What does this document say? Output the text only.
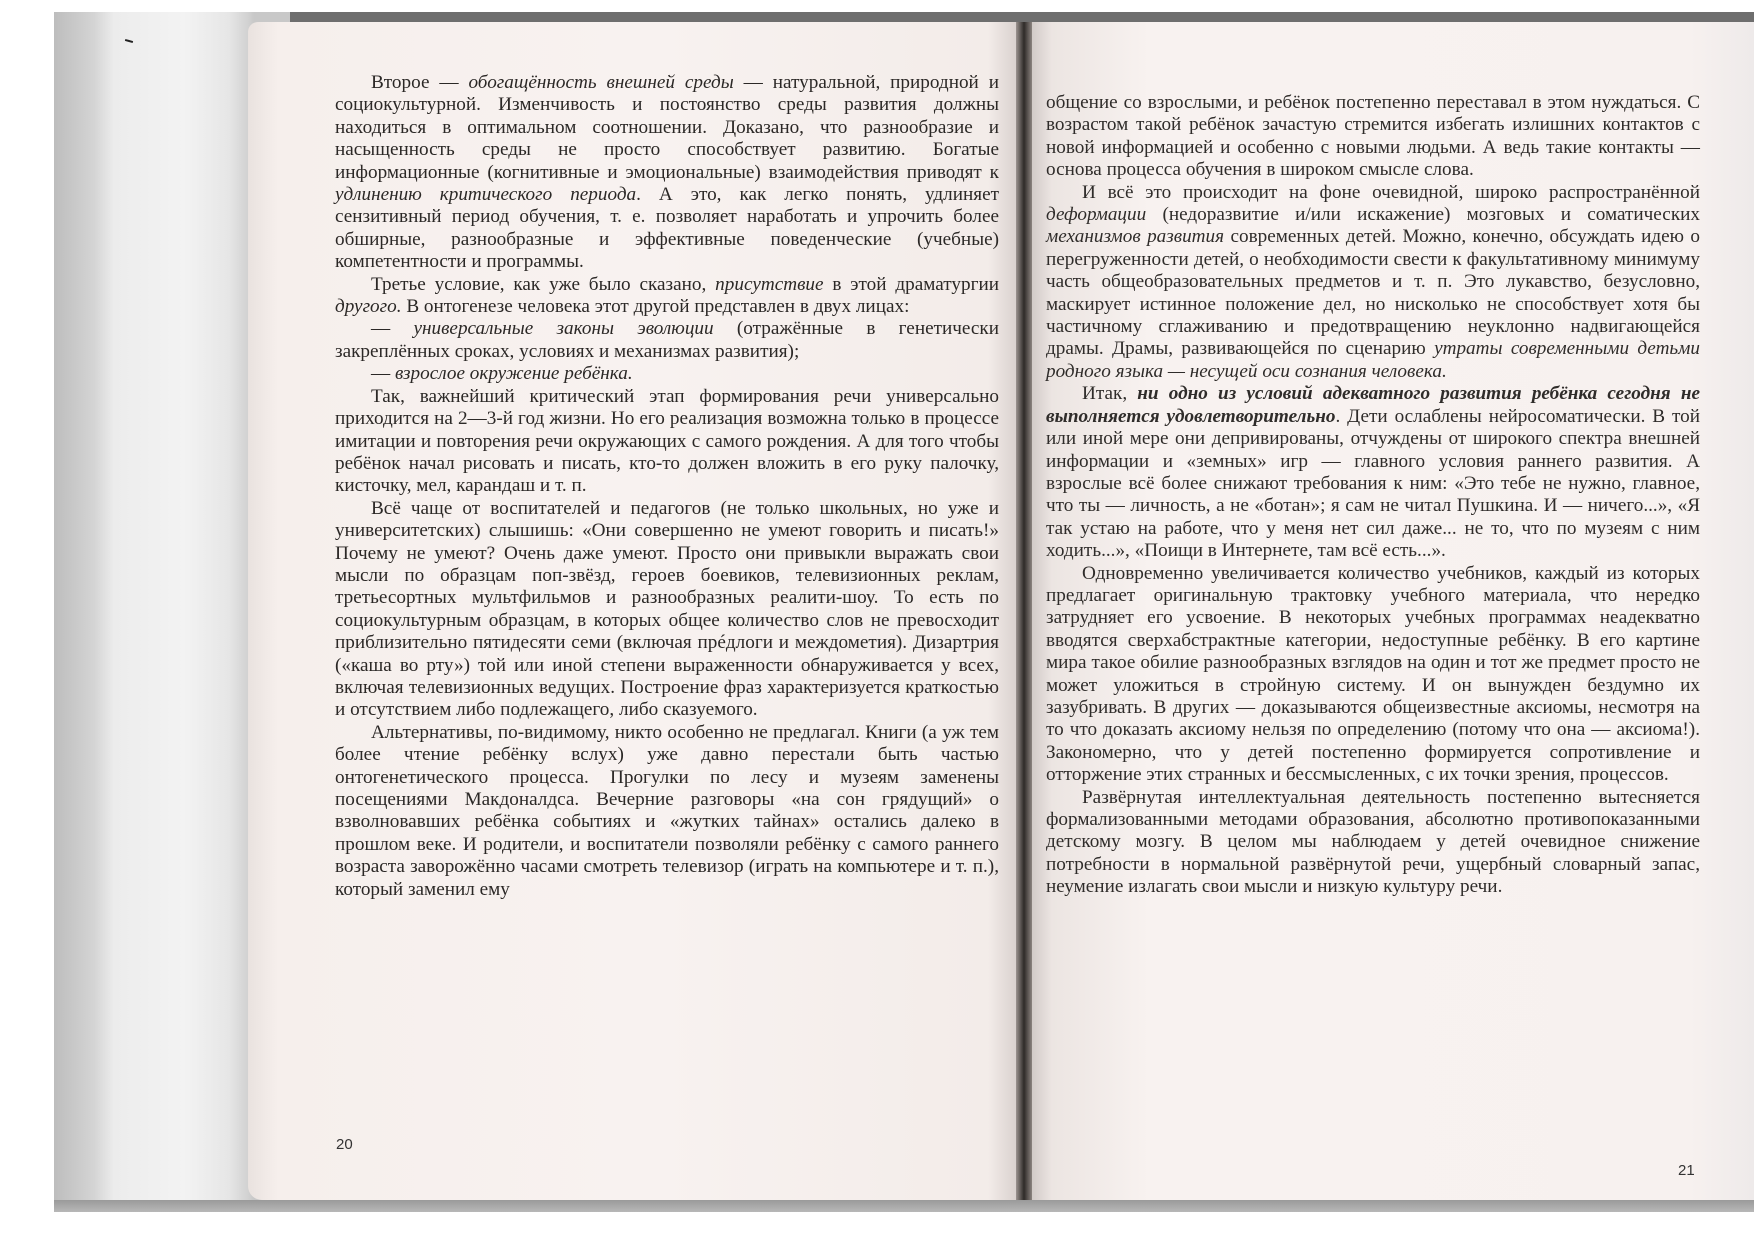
Второе — обогащённость внешней среды — натуральной, природной и социокультурной. Изменчивость и постоянство среды развития должны находиться в оптимальном соотношении. Доказано, что разнообразие и насыщенность среды не просто способствует развитию. Богатые информационные (когнитивные и эмоциональные) взаимодействия приводят к удлинению критического периода. А это, как легко понять, удлиняет сензитивный период обучения, т. е. позволяет наработать и упрочить более обширные, разнообразные и эффективные поведенческие (учебные) компетентности и программы.

Третье условие, как уже было сказано, присутствие в этой драматургии другого. В онтогенезе человека этот другой представлен в двух лицах:

— универсальные законы эволюции (отражённые в генетически закреплённых сроках, условиях и механизмах развития);

— взрослое окружение ребёнка.

Так, важнейший критический этап формирования речи универсально приходится на 2—3-й год жизни. Но его реализация возможна только в процессе имитации и повторения речи окружающих с самого рождения. А для того чтобы ребёнок начал рисовать и писать, кто-то должен вложить в его руку палочку, кисточку, мел, карандаш и т. п.

Всё чаще от воспитателей и педагогов (не только школьных, но уже и университетских) слышишь: «Они совершенно не умеют говорить и писать!» Почему не умеют? Очень даже умеют. Просто они привыкли выражать свои мысли по образцам поп-звёзд, героев боевиков, телевизионных реклам, третьесортных мультфильмов и разнообразных реалити-шоу. То есть по социокультурным образцам, в которых общее количество слов не превосходит приблизительно пятидесяти семи (включая прéдлоги и междометия). Дизартрия («каша во рту») той или иной степени выраженности обнаруживается у всех, включая телевизионных ведущих. Построение фраз характеризуется краткостью и отсутствием либо подлежащего, либо сказуемого.

Альтернативы, по-видимому, никто особенно не предлагал. Книги (а уж тем более чтение ребёнку вслух) уже давно перестали быть частью онтогенетического процесса. Прогулки по лесу и музеям заменены посещениями Макдоналдса. Вечерние разговоры «на сон грядущий» о взволновавших ребёнка событиях и «жутких тайнах» остались далеко в прошлом веке. И родители, и воспитатели позволяли ребёнку с самого раннего возраста заворожённо часами смотреть телевизор (играть на компьютере и т. п.), который заменил ему

общение со взрослыми, и ребёнок постепенно переставал в этом нуждаться. С возрастом такой ребёнок зачастую стремится избегать излишних контактов с новой информацией и особенно с новыми людьми. А ведь такие контакты — основа процесса обучения в широком смысле слова.

И всё это происходит на фоне очевидной, широко распространённой деформации (недоразвитие и/или искажение) мозговых и соматических механизмов развития современных детей. Можно, конечно, обсуждать идею о перегруженности детей, о необходимости свести к факультативному минимуму часть общеобразовательных предметов и т. п. Это лукавство, безусловно, маскирует истинное положение дел, но нисколько не способствует хотя бы частичному сглаживанию и предотвращению неуклонно надвигающейся драмы. Драмы, развивающейся по сценарию утраты современными детьми родного языка — несущей оси сознания человека.

Итак, ни одно из условий адекватного развития ребёнка сегодня не выполняется удовлетворительно. Дети ослаблены нейросоматически. В той или иной мере они депривированы, отчуждены от широкого спектра внешней информации и «земных» игр — главного условия раннего развития. А взрослые всё более снижают требования к ним: «Это тебе не нужно, главное, что ты — личность, а не «ботан»; я сам не читал Пушкина. И — ничего...», «Я так устаю на работе, что у меня нет сил даже... не то, что по музеям с ним ходить...», «Поищи в Интернете, там всё есть...».

Одновременно увеличивается количество учебников, каждый из которых предлагает оригинальную трактовку учебного материала, что нередко затрудняет его усвоение. В некоторых учебных программах неадекватно вводятся сверхабстрактные категории, недоступные ребёнку. В его картине мира такое обилие разнообразных взглядов на один и тот же предмет просто не может уложиться в стройную систему. И он вынужден бездумно их зазубривать. В других — доказываются общеизвестные аксиомы, несмотря на то что доказать аксиому нельзя по определению (потому что она — аксиома!). Закономерно, что у детей постепенно формируется сопротивление и отторжение этих странных и бессмысленных, с их точки зрения, процессов.

Развёрнутая интеллектуальная деятельность постепенно вытесняется формализованными методами образования, абсолютно противопоказанными детскому мозгу. В целом мы наблюдаем у детей очевидное снижение потребности в нормальной развёрнутой речи, ущербный словарный запас, неумение излагать свои мысли и низкую культуру речи.

20
21
